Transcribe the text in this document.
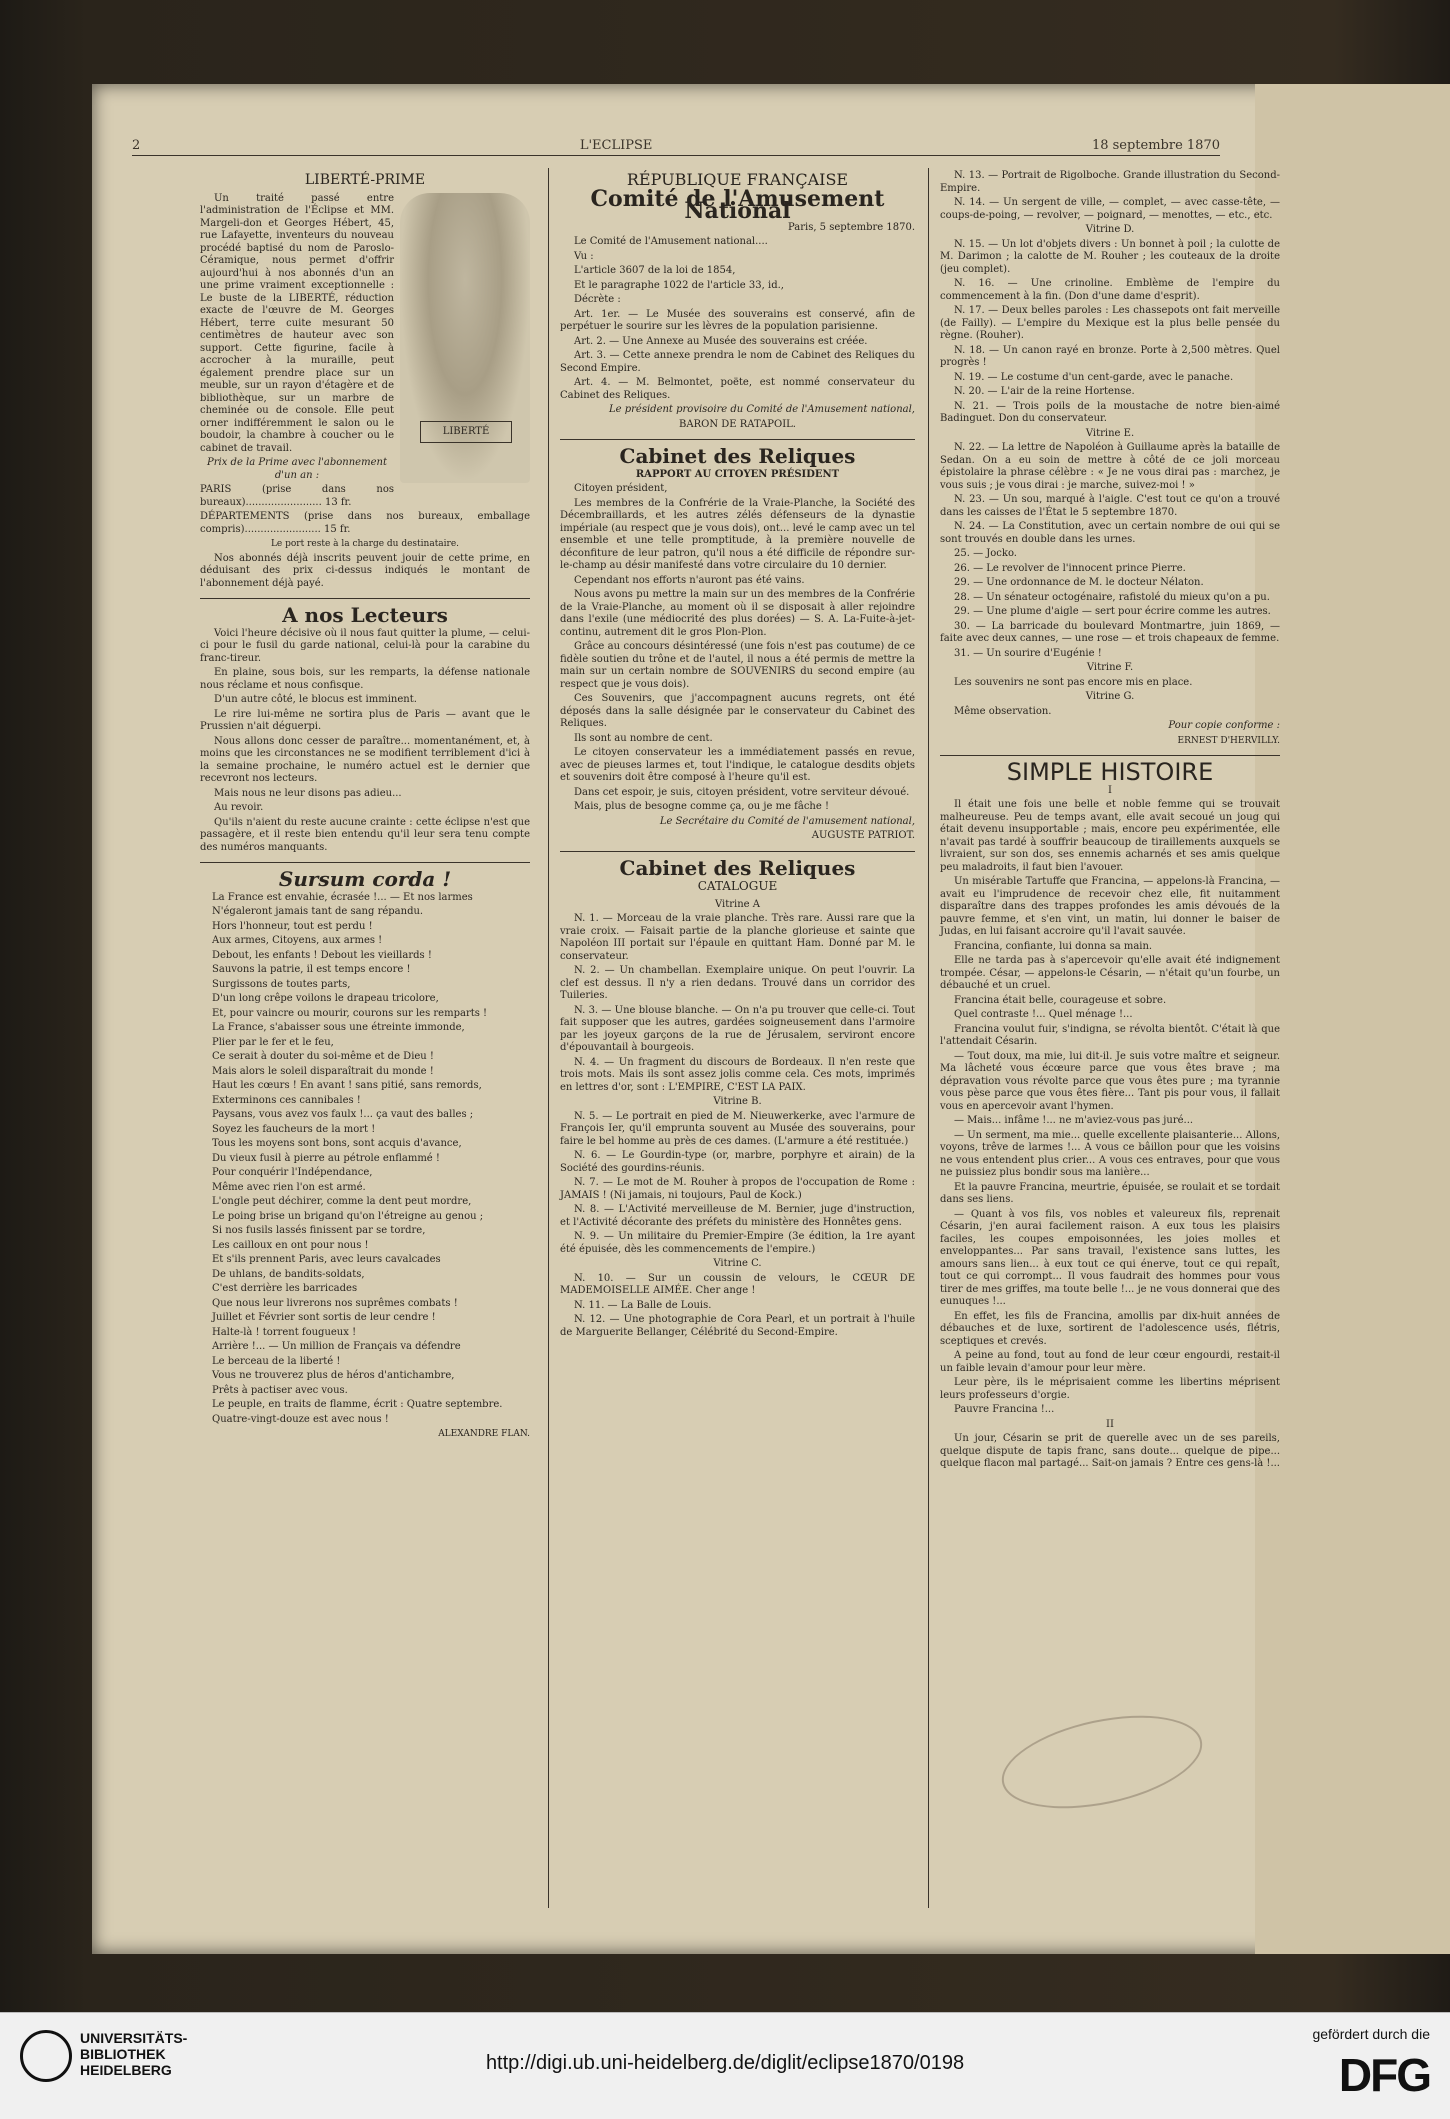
2	L'ECLIPSE	18 septembre 1870
LIBERTÉ-PRIME
LIBERTÉ

Un traité passé entre l'administration de l'Éclipse et MM. Margeli-don et Georges Hébert, 45, rue Lafayette, inventeurs du nouveau procédé baptisé du nom de Paroslo-Céramique, nous permet d'offrir aujourd'hui à nos abonnés d'un an une prime vraiment exceptionnelle : Le buste de la LIBERTÉ, réduction exacte de l'œuvre de M. Georges Hébert, terre cuite mesurant 50 centimètres de hauteur avec son support. Cette figurine, facile à accrocher à la muraille, peut également prendre place sur un meuble, sur un rayon d'étagère et de bibliothèque, sur un marbre de cheminée ou de console. Elle peut orner indifféremment le salon ou le boudoir, la chambre à coucher ou le cabinet de travail.

Prix de la Prime avec l'abonnement d'un an :

PARIS (prise dans nos bureaux)........................ 13 fr.

DÉPARTEMENTS (prise dans nos bureaux, emballage compris)........................ 15 fr.

Le port reste à la charge du destinataire.

Nos abonnés déjà inscrits peuvent jouir de cette prime, en déduisant des prix ci-dessus indiqués le montant de l'abonnement déjà payé.

A nos Lecteurs

Voici l'heure décisive où il nous faut quitter la plume, — celui-ci pour le fusil du garde national, celui-là pour la carabine du franc-tireur.

En plaine, sous bois, sur les remparts, la défense nationale nous réclame et nous confisque.

D'un autre côté, le blocus est imminent.

Le rire lui-même ne sortira plus de Paris — avant que le Prussien n'ait déguerpi.

Nous allons donc cesser de paraître... momentanément, et, à moins que les circonstances ne se modifient terriblement d'ici à la semaine prochaine, le numéro actuel est le dernier que recevront nos lecteurs.

Mais nous ne leur disons pas adieu...

Au revoir.

Qu'ils n'aient du reste aucune crainte : cette éclipse n'est que passagère, et il reste bien entendu qu'il leur sera tenu compte des numéros manquants.

Sursum corda !

La France est envahie, écrasée !... — Et nos larmes

N'égaleront jamais tant de sang répandu.

Hors l'honneur, tout est perdu !

Aux armes, Citoyens, aux armes !

Debout, les enfants ! Debout les vieillards !

Sauvons la patrie, il est temps encore !

Surgissons de toutes parts,

D'un long crêpe voilons le drapeau tricolore,

Et, pour vaincre ou mourir, courons sur les remparts !

La France, s'abaisser sous une étreinte immonde,

Plier par le fer et le feu,

Ce serait à douter du soi-même et de Dieu !

Mais alors le soleil disparaîtrait du monde !

Haut les cœurs ! En avant ! sans pitié, sans remords,

Exterminons ces cannibales !

Paysans, vous avez vos faulx !... ça vaut des balles ;

Soyez les faucheurs de la mort !

Tous les moyens sont bons, sont acquis d'avance,

Du vieux fusil à pierre au pétrole enflammé !

Pour conquérir l'Indépendance,

Même avec rien l'on est armé.

L'ongle peut déchirer, comme la dent peut mordre,

Le poing brise un brigand qu'on l'étreigne au genou ;

Si nos fusils lassés finissent par se tordre,

Les cailloux en ont pour nous !

Et s'ils prennent Paris, avec leurs cavalcades

De uhlans, de bandits-soldats,

C'est derrière les barricades

Que nous leur livrerons nos suprêmes combats !

Juillet et Février sont sortis de leur cendre !

Halte-là ! torrent fougueux !

Arrière !... — Un million de Français va défendre

Le berceau de la liberté !

Vous ne trouverez plus de héros d'antichambre,

Prêts à pactiser avec vous.

Le peuple, en traits de flamme, écrit : Quatre septembre.

Quatre-vingt-douze est avec nous !

ALEXANDRE FLAN.

RÉPUBLIQUE FRANÇAISE
Comité de l'Amusement National

Paris, 5 septembre 1870.

Le Comité de l'Amusement national....

Vu :

L'article 3607 de la loi de 1854,

Et le paragraphe 1022 de l'article 33, id.,

Décrète :

Art. 1er. — Le Musée des souverains est conservé, afin de perpétuer le sourire sur les lèvres de la population parisienne.

Art. 2. — Une Annexe au Musée des souverains est créée.

Art. 3. — Cette annexe prendra le nom de Cabinet des Reliques du Second Empire.

Art. 4. — M. Belmontet, poëte, est nommé conservateur du Cabinet des Reliques.

Le président provisoire du Comité de l'Amusement national,

BARON DE RATAPOIL.

Cabinet des Reliques

RAPPORT AU CITOYEN PRÉSIDENT

Citoyen président,

Les membres de la Confrérie de la Vraie-Planche, la Société des Décembraillards, et les autres zélés défenseurs de la dynastie impériale (au respect que je vous dois), ont... levé le camp avec un tel ensemble et une telle promptitude, à la première nouvelle de déconfiture de leur patron, qu'il nous a été difficile de répondre sur-le-champ au désir manifesté dans votre circulaire du 10 dernier.

Cependant nos efforts n'auront pas été vains.

Nous avons pu mettre la main sur un des membres de la Confrérie de la Vraie-Planche, au moment où il se disposait à aller rejoindre dans l'exile (une médiocrité des plus dorées) — S. A. La-Fuite-à-jet-continu, autrement dit le gros Plon-Plon.

Grâce au concours désintéressé (une fois n'est pas coutume) de ce fidèle soutien du trône et de l'autel, il nous a été permis de mettre la main sur un certain nombre de SOUVENIRS du second empire (au respect que je vous dois).

Ces Souvenirs, que j'accompagnent aucuns regrets, ont été déposés dans la salle désignée par le conservateur du Cabinet des Reliques.

Ils sont au nombre de cent.

Le citoyen conservateur les a immédiatement passés en revue, avec de pieuses larmes et, tout l'indique, le catalogue desdits objets et souvenirs doit être composé à l'heure qu'il est.

Dans cet espoir, je suis, citoyen président, votre serviteur dévoué.

Mais, plus de besogne comme ça, ou je me fâche !

Le Secrétaire du Comité de l'amusement national,

AUGUSTE PATRIOT.

Cabinet des Reliques
CATALOGUE

Vitrine A

N. 1. — Morceau de la vraie planche. Très rare. Aussi rare que la vraie croix. — Faisait partie de la planche glorieuse et sainte que Napoléon III portait sur l'épaule en quittant Ham. Donné par M. le conservateur.

N. 2. — Un chambellan. Exemplaire unique. On peut l'ouvrir. La clef est dessus. Il n'y a rien dedans. Trouvé dans un corridor des Tuileries.

N. 3. — Une blouse blanche. — On n'a pu trouver que celle-ci. Tout fait supposer que les autres, gardées soigneusement dans l'armoire par les joyeux garçons de la rue de Jérusalem, serviront encore d'épouvantail à bourgeois.

N. 4. — Un fragment du discours de Bordeaux. Il n'en reste que trois mots. Mais ils sont assez jolis comme cela. Ces mots, imprimés en lettres d'or, sont : L'EMPIRE, C'EST LA PAIX.

Vitrine B.

N. 5. — Le portrait en pied de M. Nieuwerkerke, avec l'armure de François Ier, qu'il emprunta souvent au Musée des souverains, pour faire le bel homme au près de ces dames. (L'armure a été restituée.)

N. 6. — Le Gourdin-type (or, marbre, porphyre et airain) de la Société des gourdins-réunis.

N. 7. — Le mot de M. Rouher à propos de l'occupation de Rome : JAMAIS ! (Ni jamais, ni toujours, Paul de Kock.)

N. 8. — L'Activité merveilleuse de M. Bernier, juge d'instruction, et l'Activité décorante des préfets du ministère des Honnêtes gens.

N. 9. — Un militaire du Premier-Empire (3e édition, la 1re ayant été épuisée, dès les commencements de l'empire.)

Vitrine C.

N. 10. — Sur un coussin de velours, le CŒUR DE MADEMOISELLE AIMÉE. Cher ange !

N. 11. — La Balle de Louis.

N. 12. — Une photographie de Cora Pearl, et un portrait à l'huile de Marguerite Bellanger, Célébrité du Second-Empire.

N. 13. — Portrait de Rigolboche. Grande illustration du Second-Empire.

N. 14. — Un sergent de ville, — complet, — avec casse-tête, — coups-de-poing, — revolver, — poignard, — menottes, — etc., etc.

Vitrine D.

N. 15. — Un lot d'objets divers : Un bonnet à poil ; la culotte de M. Darimon ; la calotte de M. Rouher ; les couteaux de la droite (jeu complet).

N. 16. — Une crinoline. Emblème de l'empire du commencement à la fin. (Don d'une dame d'esprit).

N. 17. — Deux belles paroles : Les chassepots ont fait merveille (de Failly). — L'empire du Mexique est la plus belle pensée du règne. (Rouher).

N. 18. — Un canon rayé en bronze. Porte à 2,500 mètres. Quel progrès !

N. 19. — Le costume d'un cent-garde, avec le panache.

N. 20. — L'air de la reine Hortense.

N. 21. — Trois poils de la moustache de notre bien-aimé Badinguet. Don du conservateur.

Vitrine E.

N. 22. — La lettre de Napoléon à Guillaume après la bataille de Sedan. On a eu soin de mettre à côté de ce joli morceau épistolaire la phrase célèbre : « Je ne vous dirai pas : marchez, je vous suis ; je vous dirai : je marche, suivez-moi ! »

N. 23. — Un sou, marqué à l'aigle. C'est tout ce qu'on a trouvé dans les caisses de l'État le 5 septembre 1870.

N. 24. — La Constitution, avec un certain nombre de oui qui se sont trouvés en double dans les urnes.

25. — Jocko.

26. — Le revolver de l'innocent prince Pierre.

29. — Une ordonnance de M. le docteur Nélaton.

28. — Un sénateur octogénaire, rafistolé du mieux qu'on a pu.

29. — Une plume d'aigle — sert pour écrire comme les autres.

30. — La barricade du boulevard Montmartre, juin 1869, — faite avec deux cannes, — une rose — et trois chapeaux de femme.

31. — Un sourire d'Eugénie !

Vitrine F.

Les souvenirs ne sont pas encore mis en place.

Vitrine G.

Même observation.

Pour copie conforme :

ERNEST D'HERVILLY.

SIMPLE HISTOIRE

I

Il était une fois une belle et noble femme qui se trouvait malheureuse. Peu de temps avant, elle avait secoué un joug qui était devenu insupportable ; mais, encore peu expérimentée, elle n'avait pas tardé à souffrir beaucoup de tiraillements auxquels se livraient, sur son dos, ses ennemis acharnés et ses amis quelque peu maladroits, il faut bien l'avouer.

Un misérable Tartuffe que Francina, — appelons-là Francina, — avait eu l'imprudence de recevoir chez elle, fit nuitamment disparaître dans des trappes profondes les amis dévoués de la pauvre femme, et s'en vint, un matin, lui donner le baiser de Judas, en lui faisant accroire qu'il l'avait sauvée.

Francina, confiante, lui donna sa main.

Elle ne tarda pas à s'apercevoir qu'elle avait été indignement trompée. César, — appelons-le Césarin, — n'était qu'un fourbe, un débauché et un cruel.

Francina était belle, courageuse et sobre.

Quel contraste !... Quel ménage !...

Francina voulut fuir, s'indigna, se révolta bientôt. C'était là que l'attendait Césarin.

— Tout doux, ma mie, lui dit-il. Je suis votre maître et seigneur. Ma lâcheté vous écœure parce que vous êtes brave ; ma dépravation vous révolte parce que vous êtes pure ; ma tyrannie vous pèse parce que vous êtes fière... Tant pis pour vous, il fallait vous en apercevoir avant l'hymen.

— Mais... infâme !... ne m'aviez-vous pas juré...

— Un serment, ma mie... quelle excellente plaisanterie... Allons, voyons, trêve de larmes !... A vous ce bâillon pour que les voisins ne vous entendent plus crier... A vous ces entraves, pour que vous ne puissiez plus bondir sous ma lanière...

Et la pauvre Francina, meurtrie, épuisée, se roulait et se tordait dans ses liens.

— Quant à vos fils, vos nobles et valeureux fils, reprenait Césarin, j'en aurai facilement raison. A eux tous les plaisirs faciles, les coupes empoisonnées, les joies molles et enveloppantes... Par sans travail, l'existence sans luttes, les amours sans lien... à eux tout ce qui énerve, tout ce qui repaît, tout ce qui corrompt... Il vous faudrait des hommes pour vous tirer de mes griffes, ma toute belle !... je ne vous donnerai que des eunuques !...

En effet, les fils de Francina, amollis par dix-huit années de débauches et de luxe, sortirent de l'adolescence usés, flétris, sceptiques et crevés.

A peine au fond, tout au fond de leur cœur engourdi, restait-il un faible levain d'amour pour leur mère.

Leur père, ils le méprisaient comme les libertins méprisent leurs professeurs d'orgie.

Pauvre Francina !...

II

Un jour, Césarin se prit de querelle avec un de ses pareils, quelque dispute de tapis franc, sans doute... quelque de pipe... quelque flacon mal partagé... Sait-on jamais ? Entre ces gens-là !...

UNIVERSITÄTS-
BIBLIOTHEK
HEIDELBERG	http://digi.ub.uni-heidelberg.de/diglit/eclipse1870/0198
gefördert durch die
DFG
